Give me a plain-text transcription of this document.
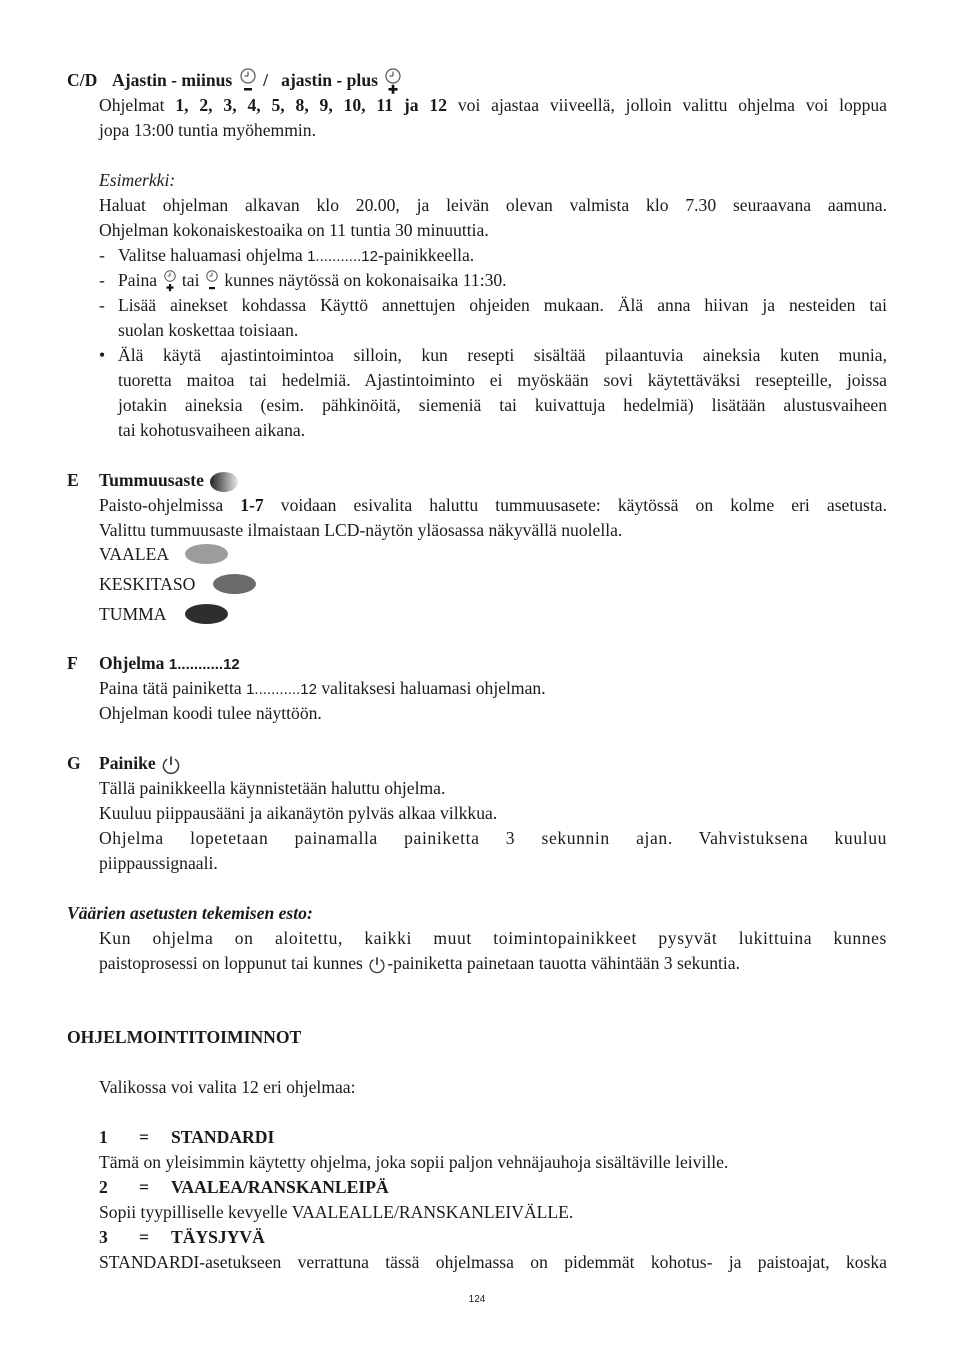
C/D Ajastin - miinus / ajastin - plus
Ohjelmat 1, 2, 3, 4, 5, 8, 9, 10, 11 ja 12 voi ajastaa viiveellä, jolloin valittu ohjelma voi loppua
jopa 13:00 tuntia myöhemmin.
Esimerkki:
Haluat ohjelman alkavan klo 20.00, ja leivän olevan valmista klo 7.30 seuraavana aamuna.
Ohjelman kokonaiskestoaika on 11 tuntia 30 minuuttia.
- Valitse haluamasi ohjelma 1...........12-painikkeella.
- Paina tai kunnes näytössä on kokonaisaika 11:30.
- Lisää ainekset kohdassa Käyttö annettujen ohjeiden mukaan. Älä anna hiivan ja nesteiden tai
suolan koskettaa toisiaan.
• Älä käytä ajastintoimintoa silloin, kun resepti sisältää pilaantuvia aineksia kuten munia,
tuoretta maitoa tai hedelmiä. Ajastintoiminto ei myöskään sovi käytettäväksi resepteille, joissa
jotakin aineksia (esim. pähkinöitä, siemeniä tai kuivattuja hedelmiä) lisätään alustusvaiheen
tai kohotusvaiheen aikana.
E Tummuusaste
Paisto-ohjelmissa 1-7 voidaan esivalita haluttu tummuusasete: käytössä on kolme eri asetusta.
Valittu tummuusaste ilmaistaan LCD-näytön yläosassa näkyvällä nuolella.
VAALEA
KESKITASO
TUMMA
F Ohjelma 1...........12
Paina tätä painiketta 1...........12 valitaksesi haluamasi ohjelman.
Ohjelman koodi tulee näyttöön.
G Painike
Tällä painikkeella käynnistetään haluttu ohjelma.
Kuuluu piippausääni ja aikanäytön pylväs alkaa vilkkua.
Ohjelma lopetetaan painamalla painiketta 3 sekunnin ajan. Vahvistuksena kuuluu
piippaussignaali.
Väärien asetusten tekemisen esto:
Kun ohjelma on aloitettu, kaikki muut toimintopainikkeet pysyvät lukittuina kunnes
paistoprosessi on loppunut tai kunnes -painiketta painetaan tauotta vähintään 3 sekuntia.
OHJELMOINTITOIMINNOT
Valikossa voi valita 12 eri ohjelmaa:
1 = STANDARDI
Tämä on yleisimmin käytetty ohjelma, joka sopii paljon vehnäjauhoja sisältäville leiville.
2 = VAALEA/RANSKANLEIPÄ
Sopii tyypilliselle kevyelle VAALEALLE/RANSKANLEIVÄLLE.
3 = TÄYSJYVÄ
STANDARDI-asetukseen verrattuna tässä ohjelmassa on pidemmät kohotus- ja paistoajat, koska
124
